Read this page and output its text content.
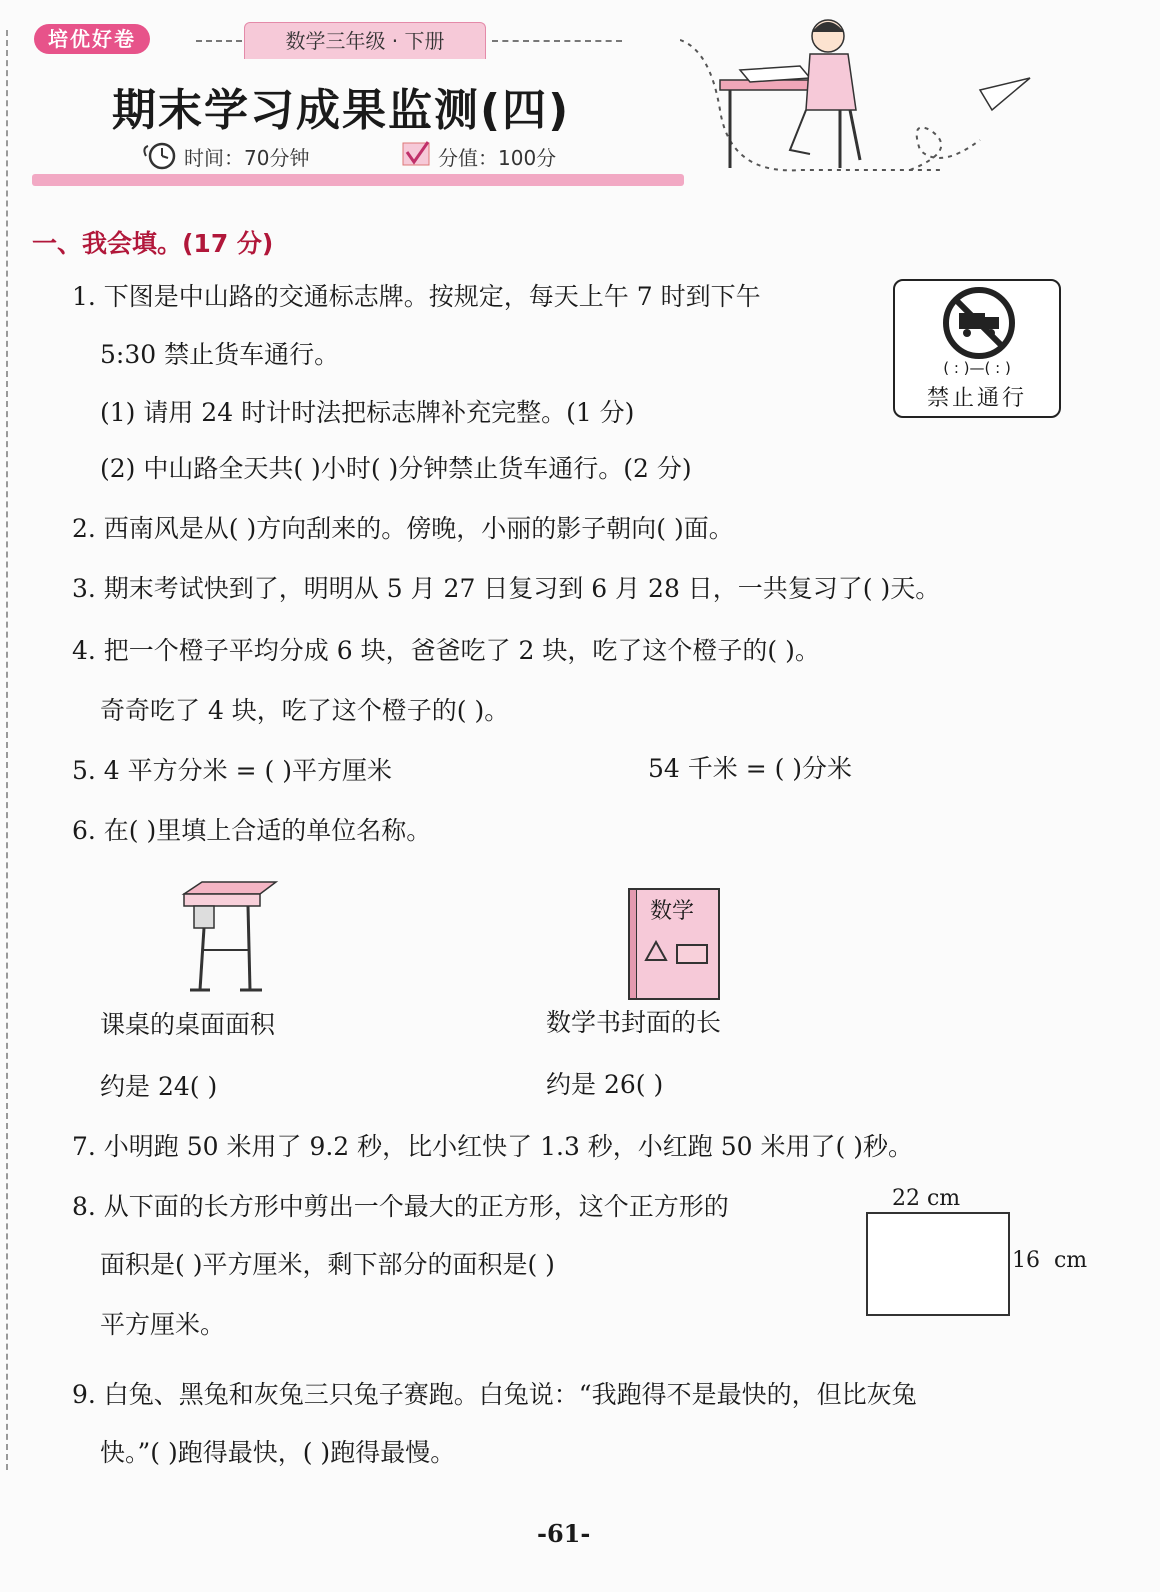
培优好卷	数学三年级 · 下册
期末学习成果监测(四)
时间：70分钟	分值：100分
一、我会填。(17 分)
1. 下图是中山路的交通标志牌。按规定，每天上午 7 时到下午
5:30 禁止货车通行。
(1) 请用 24 时计时法把标志牌补充完整。(1 分)
(2) 中山路全天共( )小时( )分钟禁止货车通行。(2 分)
( : )—( : )
禁止通行
2. 西南风是从( )方向刮来的。傍晚，小丽的影子朝向( )面。
3. 期末考试快到了，明明从 5 月 27 日复习到 6 月 28 日，一共复习了( )天。
4. 把一个橙子平均分成 6 块，爸爸吃了 2 块，吃了这个橙子的( )。
奇奇吃了 4 块，吃了这个橙子的( )。
5. 4 平方分米 = ( )平方厘米	54 千米 = ( )分米
6. 在( )里填上合适的单位名称。
数学
课桌的桌面面积
约是 24( )
数学书封面的长
约是 26( )
7. 小明跑 50 米用了 9.2 秒，比小红快了 1.3 秒，小红跑 50 米用了( )秒。
8. 从下面的长方形中剪出一个最大的正方形，这个正方形的
面积是( )平方厘米，剩下部分的面积是( )
平方厘米。
22 cm
16  cm
9. 白兔、黑兔和灰兔三只兔子赛跑。白兔说：“我跑得不是最快的，但比灰兔
快。”( )跑得最快，( )跑得最慢。
-61-
